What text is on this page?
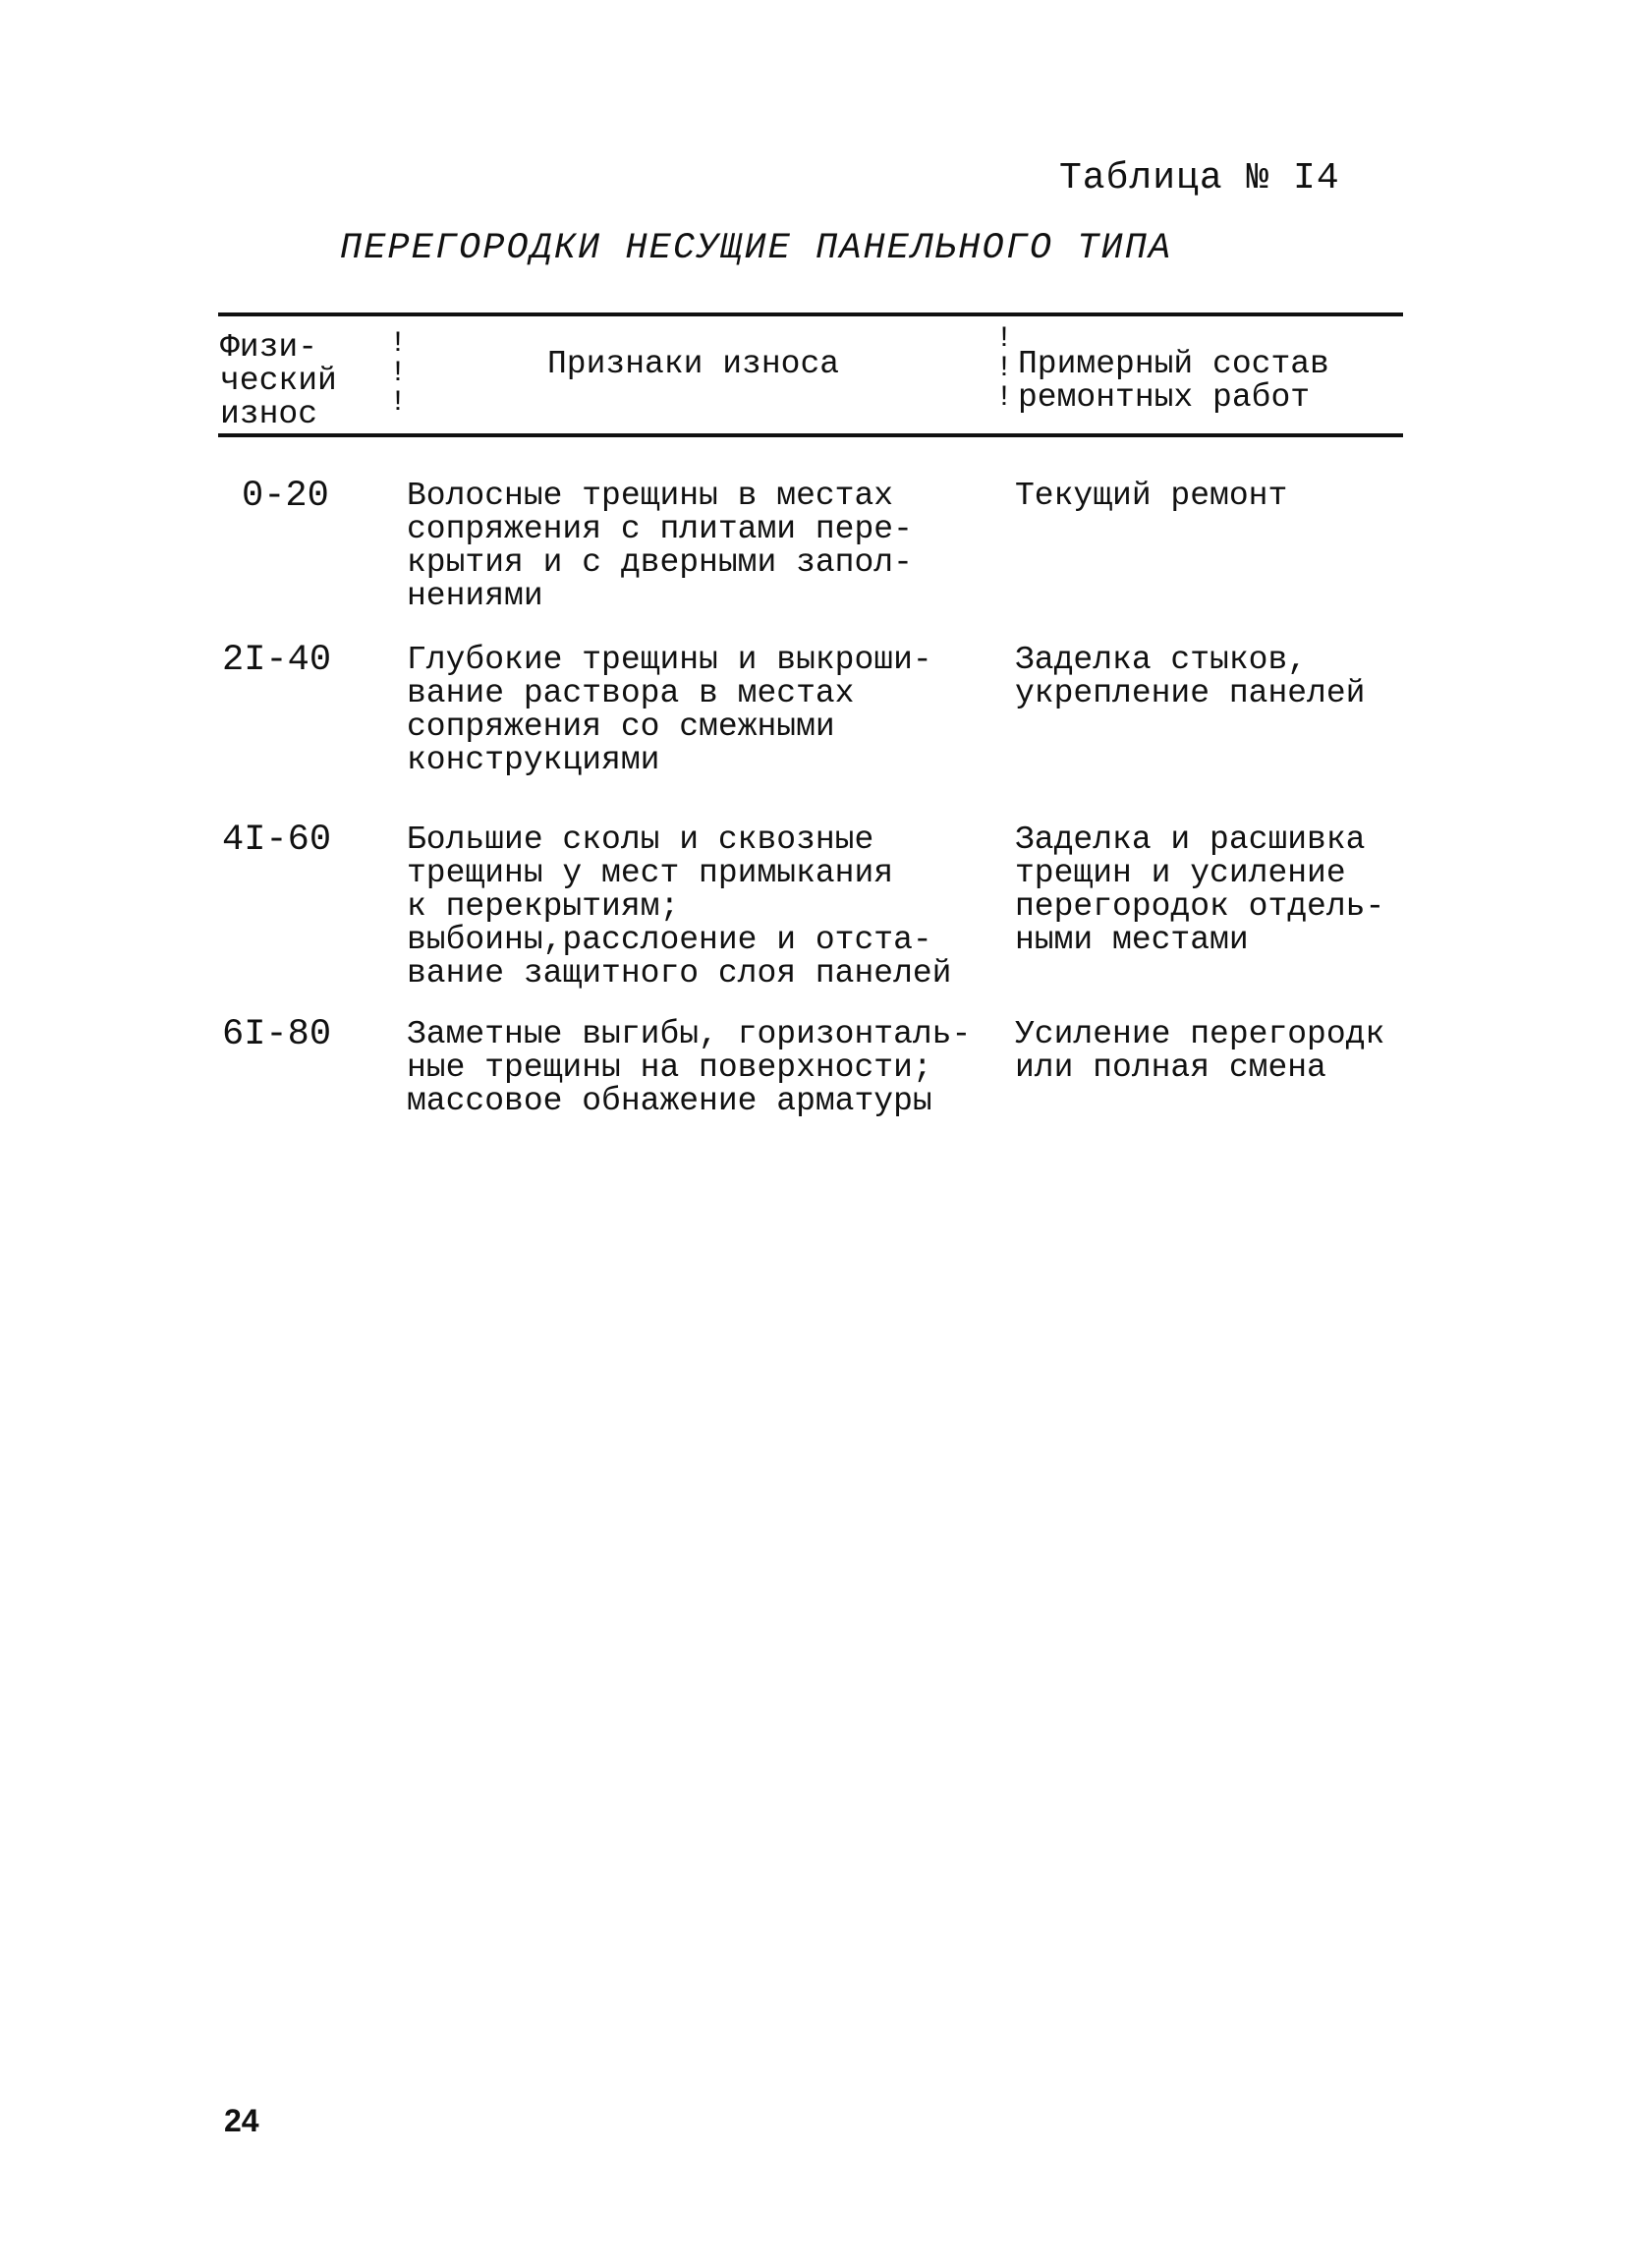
Таблица № I4
ПЕРЕГОРОДКИ НЕСУЩИЕ ПАНЕЛЬНОГО ТИПА
Физи-
ческий
износ
!
!
!
Признаки износа
!
!
!
Примерный состав
ремонтных работ
0-20 Волосные трещины в местах
сопряжения с плитами пере-
крытия и с дверными запол-
нениями
Текущий ремонт
2I-40 Глубокие трещины и выкроши-
вание раствора в местах
сопряжения со смежными
конструкциями
Заделка стыков,
укрепление панелей
4I-60 Большие сколы и сквозные
трещины у мест примыкания
к перекрытиям;
выбоины,расслоение и отста-
вание защитного слоя панелей
Заделка и расшивка
трещин и усиление
перегородок отдель-
ными местами
6I-80 Заметные выгибы, горизонталь-
ные трещины на поверхности;
массовое обнажение арматуры
Усиление перегородк
или полная смена
24
